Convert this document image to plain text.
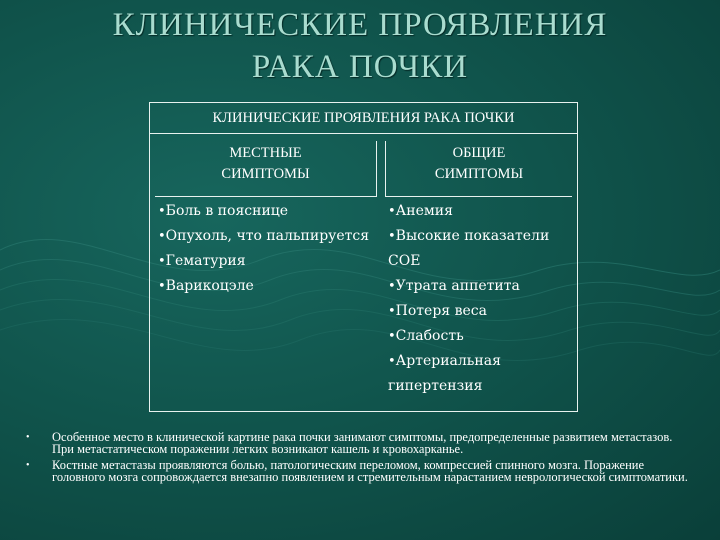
КЛИНИЧЕСКИЕ ПРОЯВЛЕНИЯ
РАКА ПОЧКИ
КЛИНИЧЕСКИЕ ПРОЯВЛЕНИЯ РАКА ПОЧКИ
МЕСТНЫЕ
СИМПТОМЫ
ОБЩИЕ
СИМПТОМЫ
•Боль в пояснице
•Опухоль, что пальпируется
•Гематурия
•Варикоцэле
•Анемия
•Высокие показатели СОЕ
•Утрата аппетита
•Потеря веса
•Слабость
•Артериальная гипертензия
• Особенное место в клинической картине рака почки занимают симптомы, предопределенные развитием метастазов. При метастатическом поражении легких возникают кашель и кровохарканье.
• Костные метастазы проявляются болью, патологическим переломом, компрессией спинного мозга. Поражение головного мозга сопровождается внезапно появлением и стремительным нарастанием неврологической симптоматики.
